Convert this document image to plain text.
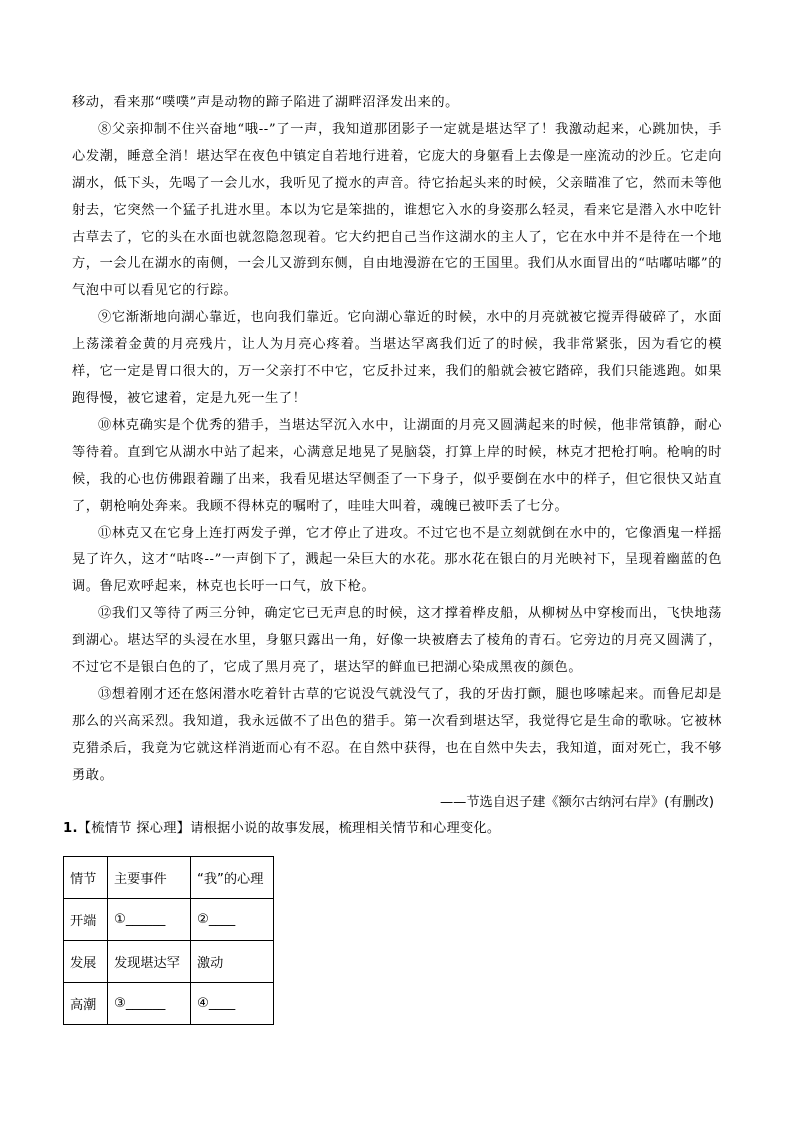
移动，看来那“噗噗”声是动物的蹄子陷进了湖畔沼泽发出来的。

⑧父亲抑制不住兴奋地“哦--”了一声，我知道那团影子一定就是堪达罕了！我激动起来，心跳加快，手心发潮，睡意全消！堪达罕在夜色中镇定自若地行进着，它庞大的身躯看上去像是一座流动的沙丘。它走向湖水，低下头，先喝了一会儿水，我听见了搅水的声音。待它抬起头来的时候，父亲瞄准了它，然而未等他射去，它突然一个猛子扎进水里。本以为它是笨拙的，谁想它入水的身姿那么轻灵，看来它是潜入水中吃针古草去了，它的头在水面也就忽隐忽现着。它大约把自己当作这湖水的主人了，它在水中并不是待在一个地方，一会儿在湖水的南侧，一会儿又游到东侧，自由地漫游在它的王国里。我们从水面冒出的“咕嘟咕嘟”的气泡中可以看见它的行踪。

⑨它渐渐地向湖心靠近，也向我们靠近。它向湖心靠近的时候，水中的月亮就被它搅弄得破碎了，水面上荡漾着金黄的月亮残片，让人为月亮心疼着。当堪达罕离我们近了的时候，我非常紧张，因为看它的模样，它一定是胃口很大的，万一父亲打不中它，它反扑过来，我们的船就会被它踏碎，我们只能逃跑。如果跑得慢，被它逮着，定是九死一生了！

⑩林克确实是个优秀的猎手，当堪达罕沉入水中，让湖面的月亮又圆满起来的时候，他非常镇静，耐心等待着。直到它从湖水中站了起来，心满意足地晃了晃脑袋，打算上岸的时候，林克才把枪打响。枪响的时候，我的心也仿佛跟着蹦了出来，我看见堪达罕侧歪了一下身子，似乎要倒在水中的样子，但它很快又站直了，朝枪响处奔来。我顾不得林克的嘱咐了，哇哇大叫着，魂魄已被吓丢了七分。

⑪林克又在它身上连打两发子弹，它才停止了进攻。不过它也不是立刻就倒在水中的，它像酒鬼一样摇晃了许久，这才“咕咚--”一声倒下了，溅起一朵巨大的水花。那水花在银白的月光映衬下，呈现着幽蓝的色调。鲁尼欢呼起来，林克也长吁一口气，放下枪。

⑫我们又等待了两三分钟，确定它已无声息的时候，这才撑着桦皮船，从柳树丛中穿梭而出，飞快地荡到湖心。堪达罕的头浸在水里，身躯只露出一角，好像一块被磨去了棱角的青石。它旁边的月亮又圆满了，不过它不是银白色的了，它成了黑月亮了，堪达罕的鲜血已把湖心染成黑夜的颜色。

⑬想着刚才还在悠闲潜水吃着针古草的它说没气就没气了，我的牙齿打颤，腿也哆嗦起来。而鲁尼却是那么的兴高采烈。我知道，我永远做不了出色的猎手。第一次看到堪达罕，我觉得它是生命的歌咏。它被林克猎杀后，我竟为它就这样消逝而心有不忍。在自然中获得，也在自然中失去，我知道，面对死亡，我不够勇敢。

——节选自迟子建《额尔古纳河右岸》(有删改)

1.【梳情节 探心理】请根据小说的故事发展，梳理相关情节和心理变化。

情节	主要事件	“我”的心理
开端	①______	②____
发展	发现堪达罕	激动
高潮	③______	④____
